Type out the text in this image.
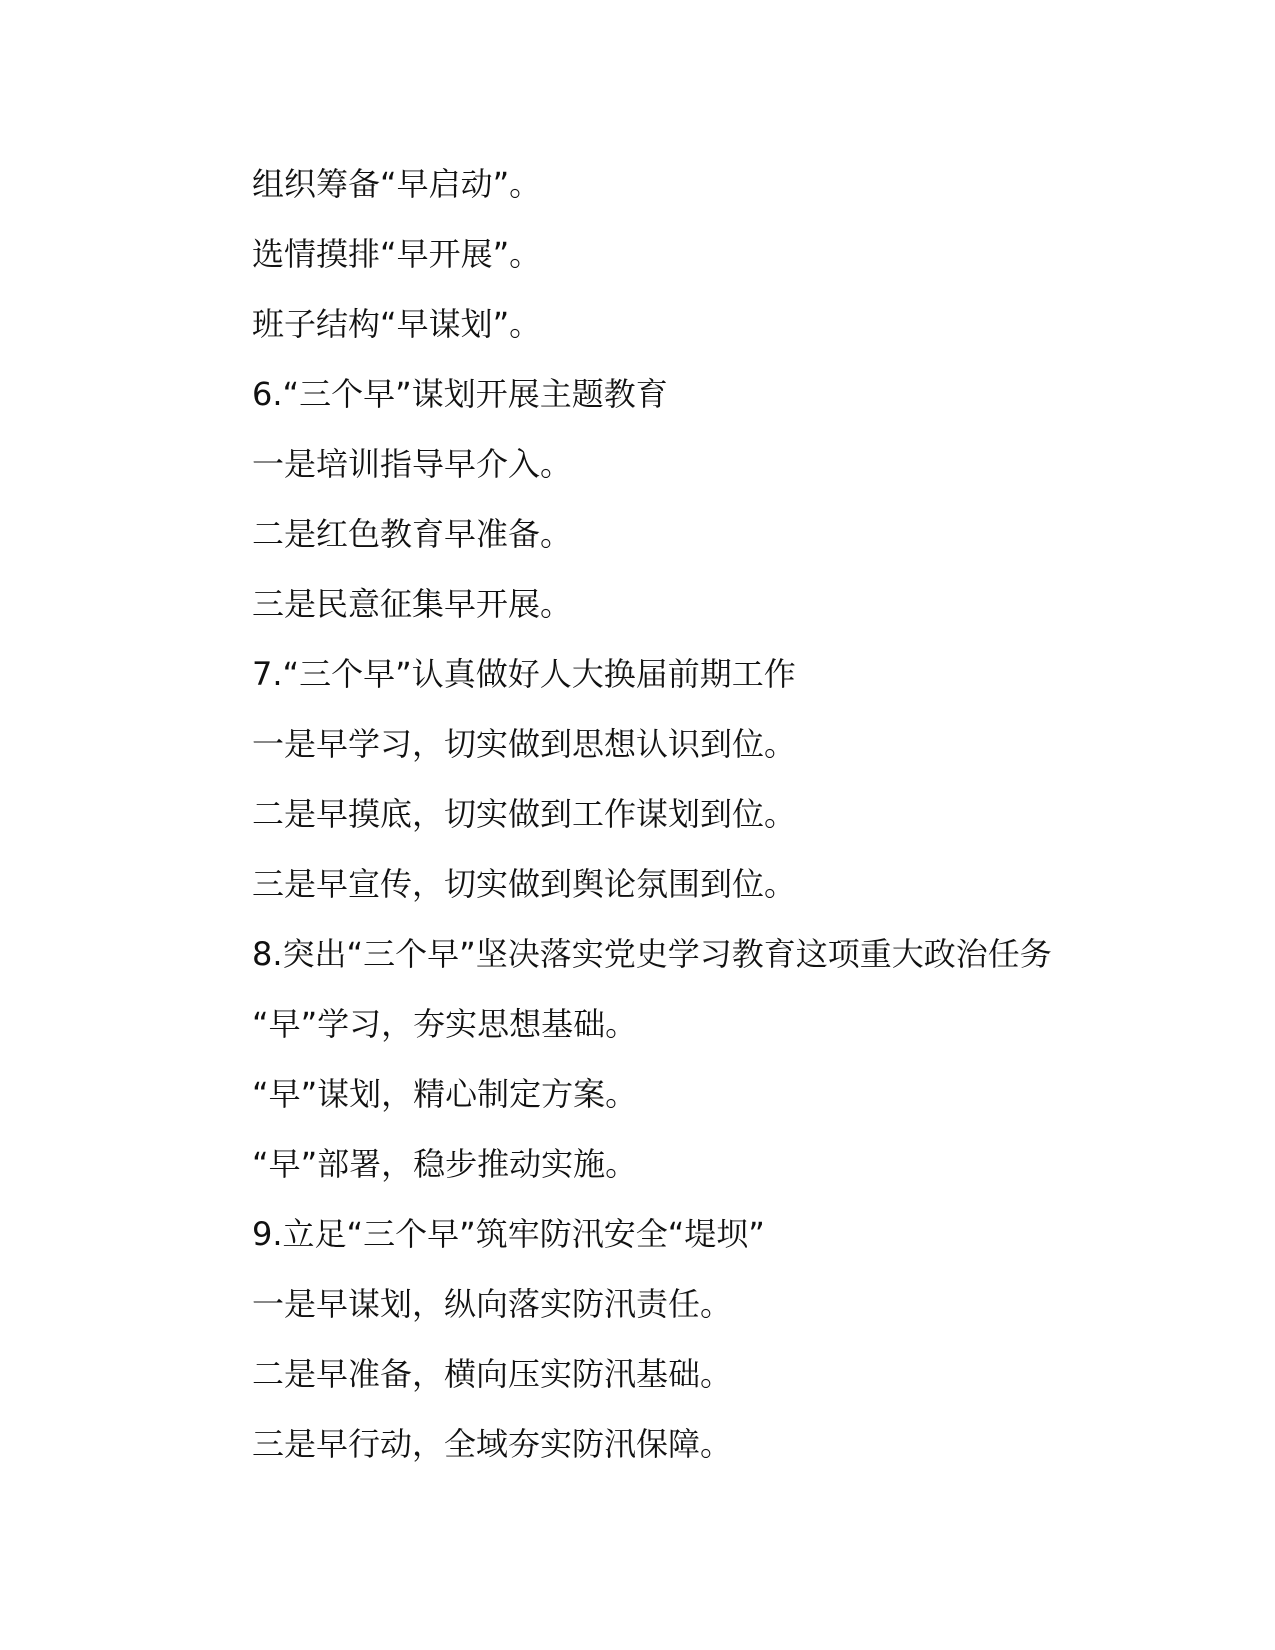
组织筹备“早启动”。
选情摸排“早开展”。
班子结构“早谋划”。
6.“三个早”谋划开展主题教育
一是培训指导早介入。
二是红色教育早准备。
三是民意征集早开展。
7.“三个早”认真做好人大换届前期工作
一是早学习，切实做到思想认识到位。
二是早摸底，切实做到工作谋划到位。
三是早宣传，切实做到舆论氛围到位。
8.突出“三个早”坚决落实党史学习教育这项重大政治任务
“早”学习，夯实思想基础。
“早”谋划，精心制定方案。
“早”部署，稳步推动实施。
9.立足“三个早”筑牢防汛安全“堤坝”
一是早谋划，纵向落实防汛责任。
二是早准备，横向压实防汛基础。
三是早行动，全域夯实防汛保障。
